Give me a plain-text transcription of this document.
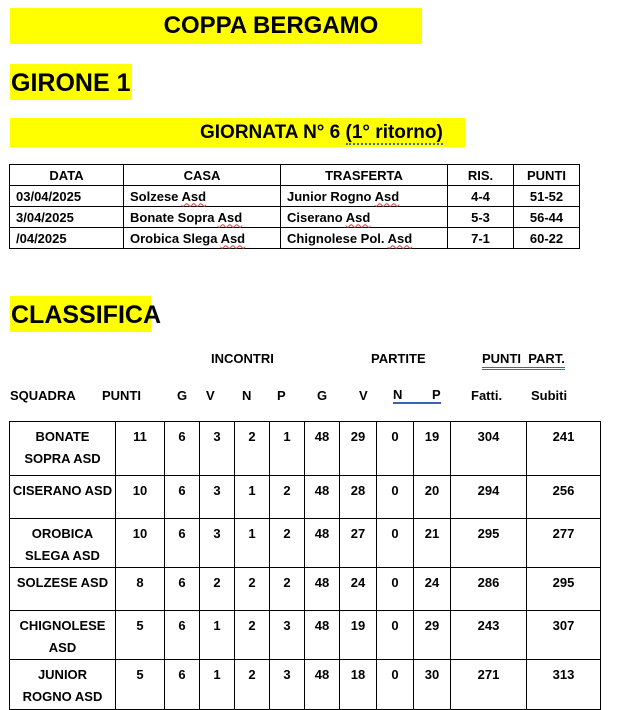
COPPA BERGAMO
GIRONE 1
GIORNATA N° 6 (1° ritorno)
DATA	CASA	TRASFERTA	RIS.	PUNTI
03/04/2025	Solzese Asd	Junior Rogno Asd	4-4	51-52
3/04/2025	Bonate Sopra Asd	Ciserano Asd	5-3	56-44
/04/2025	Orobica Slega Asd	Chignolese Pol. Asd	7-1	60-22
CLASSIFICA
INCONTRI	PARTITE	PUNTI  PART.
SQUADRA PUNTI	G V N P G V N P Fatti. Subiti
BONATE SOPRA ASD	11	6	3	2	1	48	29	0	19	304	241
CISERANO ASD	10	6	3	1	2	48	28	0	20	294	256
OROBICA SLEGA ASD	10	6	3	1	2	48	27	0	21	295	277
SOLZESE ASD	8	6	2	2	2	48	24	0	24	286	295
CHIGNOLESE ASD	5	6	1	2	3	48	19	0	29	243	307
JUNIOR ROGNO ASD	5	6	1	2	3	48	18	0	30	271	313
